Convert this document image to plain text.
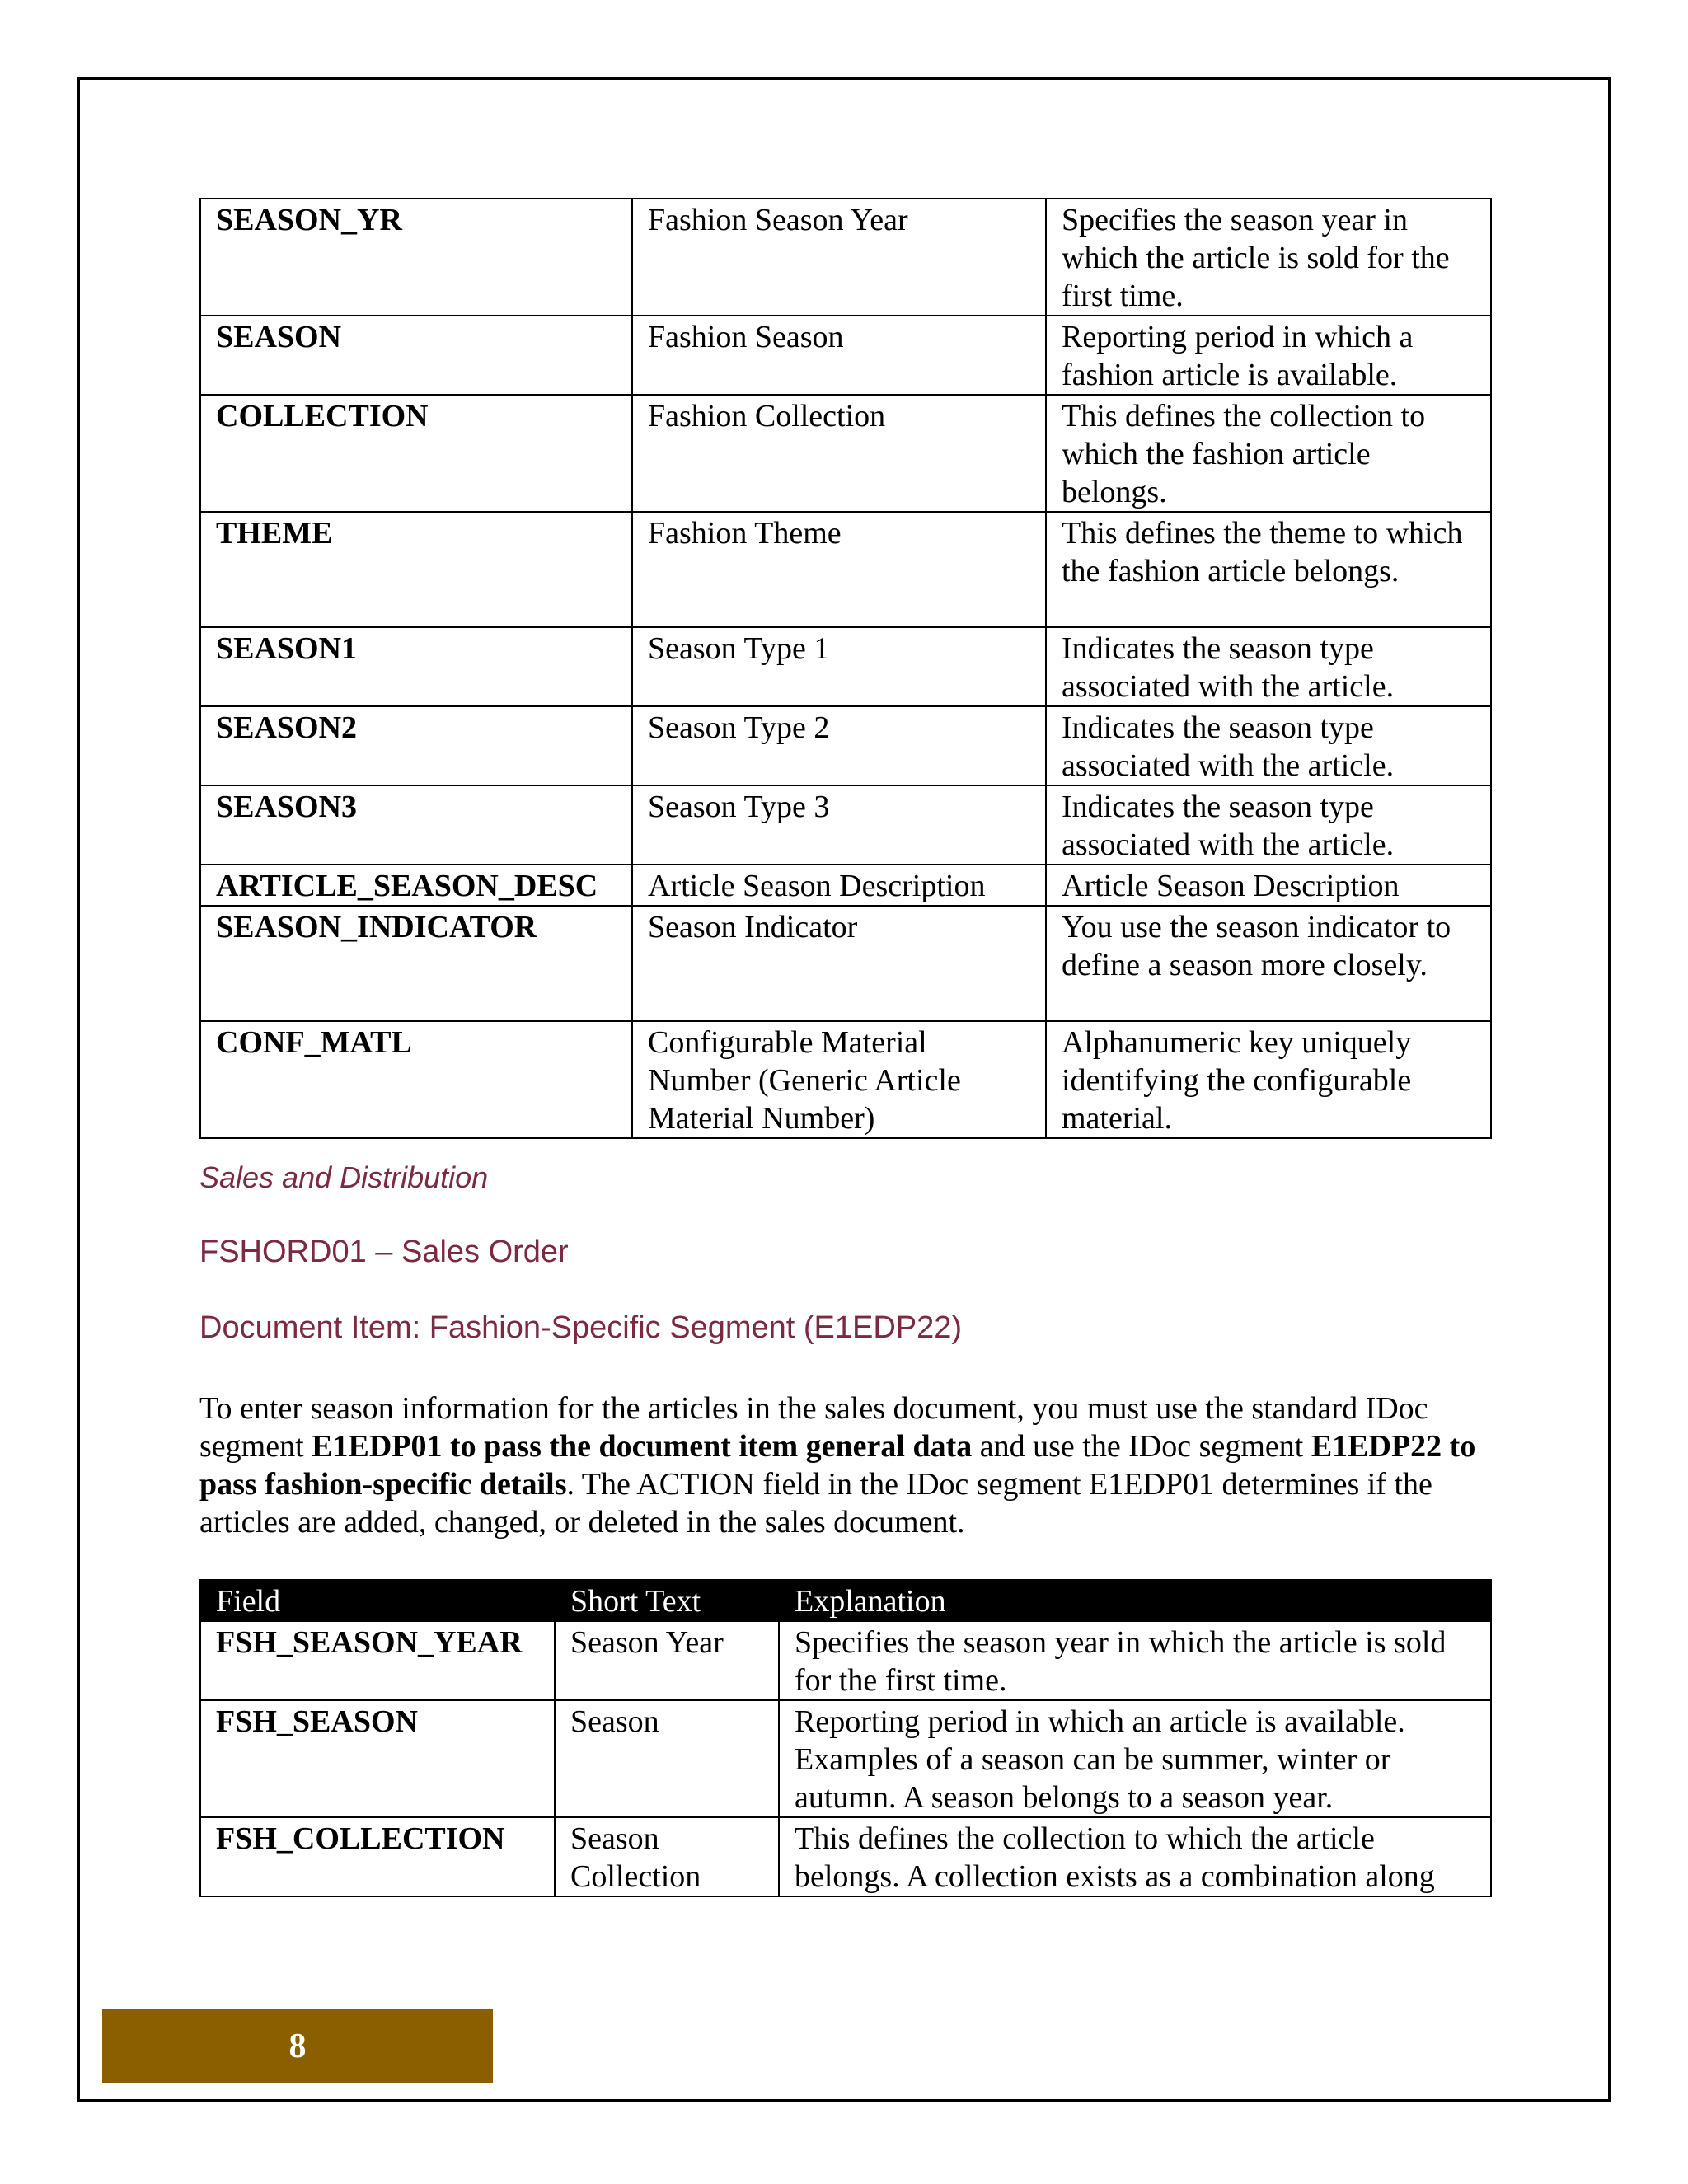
SEASON_YR	Fashion Season Year	Specifies the season year in which the article is sold for the first time.
SEASON	Fashion Season	Reporting period in which a fashion article is available.
COLLECTION	Fashion Collection	This defines the collection to which the fashion article belongs.
THEME	Fashion Theme	This defines the theme to which the fashion article belongs.
SEASON1	Season Type 1	Indicates the season type associated with the article.
SEASON2	Season Type 2	Indicates the season type associated with the article.
SEASON3	Season Type 3	Indicates the season type associated with the article.
ARTICLE_SEASON_DESC	Article Season Description	Article Season Description
SEASON_INDICATOR	Season Indicator	You use the season indicator to define a season more closely.
CONF_MATL	Configurable Material Number (Generic Article Material Number)	Alphanumeric key uniquely identifying the configurable material.
Sales and Distribution
FSHORD01 – Sales Order
Document Item: Fashion-Specific Segment (E1EDP22)

To enter season information for the articles in the sales document, you must use the standard IDoc segment E1EDP01 to pass the document item general data and use the IDoc segment E1EDP22 to pass fashion-specific details. The ACTION field in the IDoc segment E1EDP01 determines if the articles are added, changed, or deleted in the sales document.

Field	Short Text	Explanation
FSH_SEASON_YEAR	Season Year	Specifies the season year in which the article is sold for the first time.
FSH_SEASON	Season	Reporting period in which an article is available. Examples of a season can be summer, winter or autumn. A season belongs to a season year.
FSH_COLLECTION	Season Collection	This defines the collection to which the article belongs. A collection exists as a combination along
8
